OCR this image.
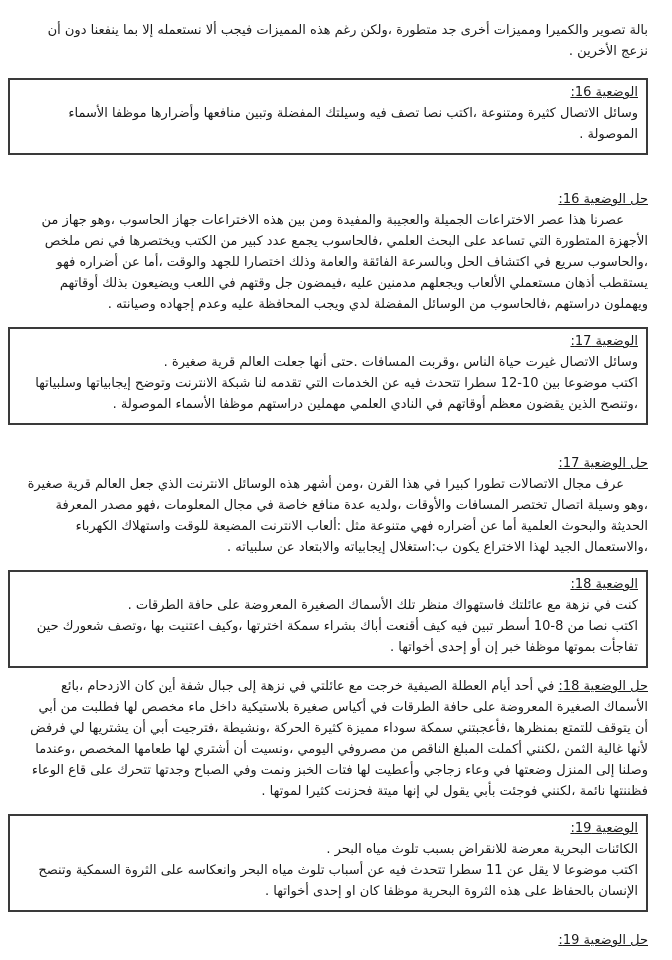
بالة تصوير والكميرا ومميزات أخرى جد متطورة ،ولكن رغم هذه المميزات فيجب ألا نستعمله إلا بما ينفعنا دون أن نزعج الأخرين .

الوضعية 16:

وسائل الاتصال كثيرة ومتنوعة ،اكتب نصا تصف فيه وسيلتك المفضلة وتبين منافعها وأضرارها موظفا الأسماء الموصولة .

حل الوضعية 16:

عصرنا هذا عصر الاختراعات الجميلة والعجيبة والمفيدة ومن بين هذه الاختراعات جهاز الحاسوب ،وهو جهاز من الأجهزة المتطورة التي تساعد على البحث العلمي ،فالحاسوب يجمع عدد كبير من الكتب ويختصرها في نص ملخص ،والحاسوب سريع في اكتشاف الحل وبالسرعة الفائقة والعامة وذلك اختصارا للجهد والوقت ،أما عن أضراره فهو يستقطب أذهان مستعملي الألعاب ويجعلهم مدمنين عليه ،فيمضون جل وقتهم في اللعب ويضيعون بذلك أوقاتهم ويهملون دراستهم ،فالحاسوب من الوسائل المفضلة لدي ويجب المحافظة عليه وعدم إجهاده وصيانته .

الوضعية 17:

وسائل الاتصال غيرت حياة الناس ،وقربت المسافات .حتى أنها جعلت العالم قرية صغيرة .

اكتب موضوعا بين 10-12 سطرا تتحدث فيه عن الخدمات التي تقدمه لنا شبكة الانترنت وتوضح إيجابياتها وسلبياتها ،وتنصح الذين يقضون معظم أوقاتهم في النادي العلمي مهملين دراستهم موظفا الأسماء الموصولة .

حل الوضعية 17:

عرف مجال الاتصالات تطورا كبيرا في هذا القرن ،ومن أشهر هذه الوسائل الانترنت الذي جعل العالم قرية صغيرة ،وهو وسيلة اتصال تختصر المسافات والأوقات ،ولديه عدة منافع خاصة في مجال المعلومات ،فهو مصدر المعرفة الحديثة والبحوث العلمية أما عن أضراره فهي متنوعة مثل :ألعاب الانترنت المضيعة للوقت واستهلاك الكهرباء ،والاستعمال الجيد لهذا الاختراع يكون ب:استغلال إيجابياته والابتعاد عن سلبياته .

الوضعية 18:

كنت في نزهة مع عائلتك فاستهواك منظر تلك الأسماك الصغيرة المعروضة على حافة الطرقات .

اكتب نصا من 8-10 أسطر تبين فيه كيف أقنعت أباك بشراء سمكة اخترتها ،وكيف اعتنيت بها ،وتصف شعورك حين تفاجأت بموتها موظفا خبر إن أو إحدى أخواتها .

حل الوضعية 18: في أحد أيام العطلة الصيفية خرجت مع عائلتي في نزهة إلى جبال شفة أين كان الازدحام ،بائع الأسماك الصغيرة المعروضة على حافة الطرقات في أكياس صغيرة بلاستيكية داخل ماء مخصص لها فطلبت من أبي أن يتوقف للتمتع بمنظرها ،فأعجبتني سمكة سوداء مميزة كثيرة الحركة ،ونشيطة ،فترجيت أبي أن يشتريها لي فرفض لأنها غالية الثمن ،لكنني أكملت المبلغ الناقص من مصروفي اليومي ،ونسيت أن أشتري لها طعامها المخصص ،وعندما وصلنا إلى المنزل وضعتها في وعاء زجاجي وأعطيت لها فتات الخبز ونمت وفي الصباح وجدتها تتحرك على قاع الوعاء فظننتها نائمة ،لكنني فوجئت بأبي يقول لي إنها ميتة فحزنت كثيرا لموتها .

الوضعية 19:

الكائنات البحرية معرضة للانقراض بسبب تلوث مياه البحر .

اكتب موضوعا لا يقل عن 11 سطرا تتحدث فيه عن أسباب تلوث مياه البحر وانعكاسه على الثروة السمكية وتنصح الإنسان بالحفاظ على هذه الثروة البحرية موظفا كان او إحدى أخواتها .

حل الوضعية 19:
